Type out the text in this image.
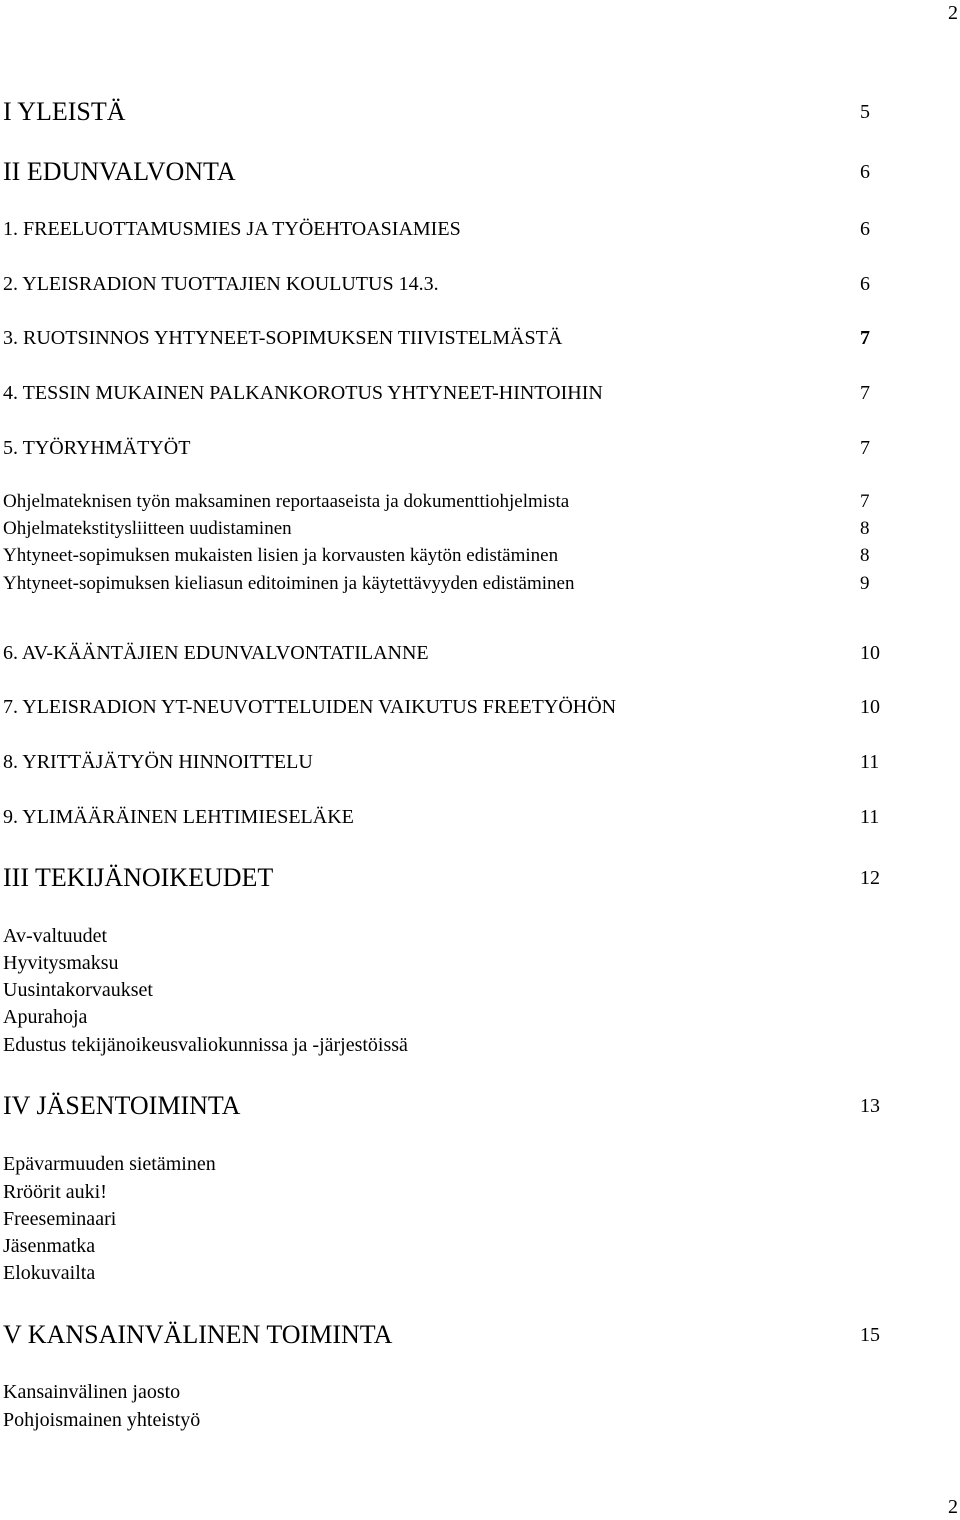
2
I YLEISTÄ	5
II EDUNVALVONTA	6
1. FREELUOTTAMUSMIES JA TYÖEHTOASIAMIES	6
2. YLEISRADION TUOTTAJIEN KOULUTUS 14.3.	6
3. RUOTSINNOS YHTYNEET-SOPIMUKSEN TIIVISTELMÄSTÄ	7
4. TESSIN MUKAINEN PALKANKOROTUS YHTYNEET-HINTOIHIN	7
5. TYÖRYHMÄTYÖT	7
Ohjelmateknisen työn maksaminen reportaaseista ja dokumenttiohjelmista	7
Ohjelmatekstitysliitteen uudistaminen	8
Yhtyneet-sopimuksen mukaisten lisien ja korvausten käytön edistäminen	8
Yhtyneet-sopimuksen kieliasun editoiminen ja käytettävyyden edistäminen	9
6. AV-KÄÄNTÄJIEN EDUNVALVONTATILANNE	10
7. YLEISRADION YT-NEUVOTTELUIDEN VAIKUTUS FREETYÖHÖN	10
8. YRITTÄJÄTYÖN HINNOITTELU	11
9. YLIMÄÄRÄINEN LEHTIMIESELÄKE	11
III TEKIJÄNOIKEUDET	12
Av-valtuudet
Hyvitysmaksu
Uusintakorvaukset
Apurahoja
Edustus tekijänoikeusvaliokunnissa ja -järjestöissä
IV JÄSENTOIMINTA	13
Epävarmuuden sietäminen
Rröörit auki!
Freeseminaari
Jäsenmatka
Elokuvailta
V KANSAINVÄLINEN TOIMINTA	15
Kansainvälinen jaosto
Pohjoismainen yhteistyö
2
